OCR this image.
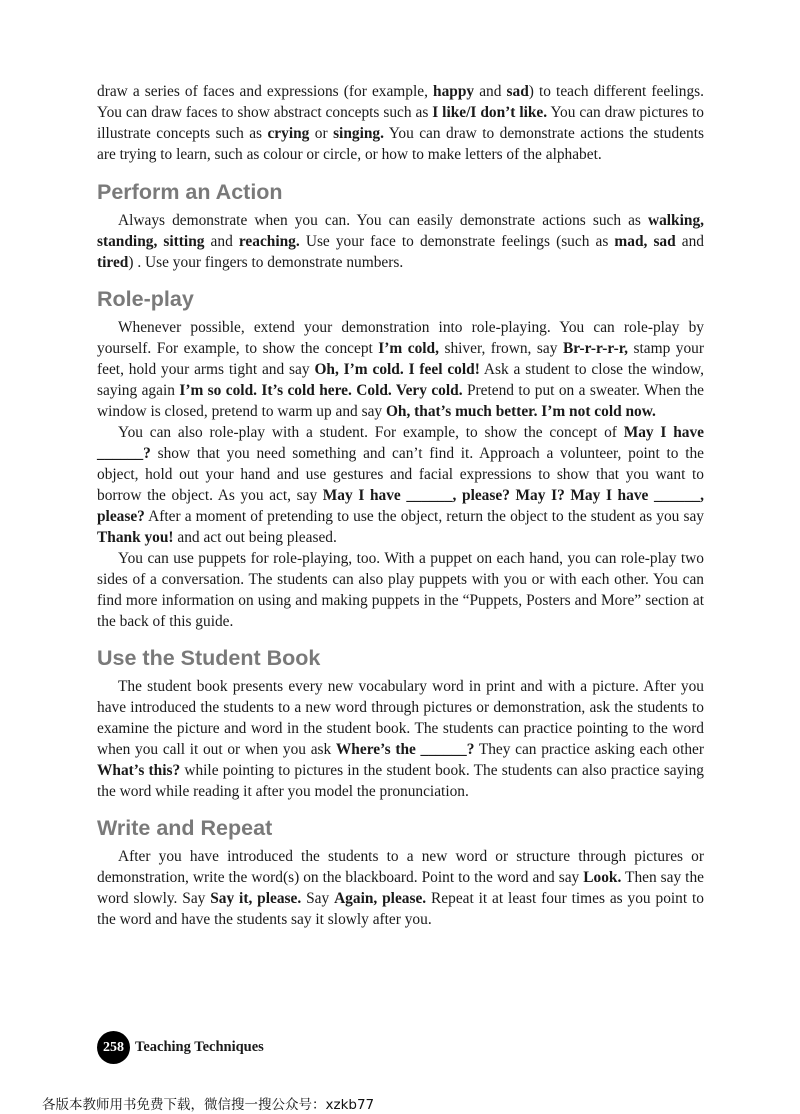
draw a series of faces and expressions (for example, happy and sad) to teach different feelings. You can draw faces to show abstract concepts such as I like/I don’t like. You can draw pictures to illustrate concepts such as crying or singing. You can draw to demonstrate actions the students are trying to learn, such as colour or circle, or how to make letters of the alphabet.

Perform an Action

Always demonstrate when you can. You can easily demonstrate actions such as walking, standing, sitting and reaching. Use your face to demonstrate feelings (such as mad, sad and tired) . Use your fingers to demonstrate numbers.

Role-play

Whenever possible, extend your demonstration into role-playing. You can role-play by yourself. For example, to show the concept I’m cold, shiver, frown, say Br-r-r-r-r, stamp your feet, hold your arms tight and say Oh, I’m cold. I feel cold! Ask a student to close the window, saying again I’m so cold. It’s cold here. Cold. Very cold. Pretend to put on a sweater. When the window is closed, pretend to warm up and say Oh, that’s much better. I’m not cold now.

You can also role-play with a student. For example, to show the concept of May I have ______? show that you need something and can’t find it. Approach a volunteer, point to the object, hold out your hand and use gestures and facial expressions to show that you want to borrow the object. As you act, say May I have ______, please? May I? May I have ______, please? After a moment of pretending to use the object, return the object to the student as you say Thank you! and act out being pleased.

You can use puppets for role-playing, too. With a puppet on each hand, you can role-play two sides of a conversation. The students can also play puppets with you or with each other. You can find more information on using and making puppets in the “Puppets, Posters and More” section at the back of this guide.

Use the Student Book

The student book presents every new vocabulary word in print and with a picture. After you have introduced the students to a new word through pictures or demonstration, ask the students to examine the picture and word in the student book. The students can practice pointing to the word when you call it out or when you ask Where’s the ______? They can practice asking each other What’s this? while pointing to pictures in the student book. The students can also practice saying the word while reading it after you model the pronunciation.

Write and Repeat

After you have introduced the students to a new word or structure through pictures or demonstration, write the word(s) on the blackboard. Point to the word and say Look. Then say the word slowly. Say Say it, please. Say Again, please. Repeat it at least four times as you point to the word and have the students say it slowly after you.

258 Teaching Techniques
各版本教师用书免费下载，微信搜一搜公众号：xzkb77
